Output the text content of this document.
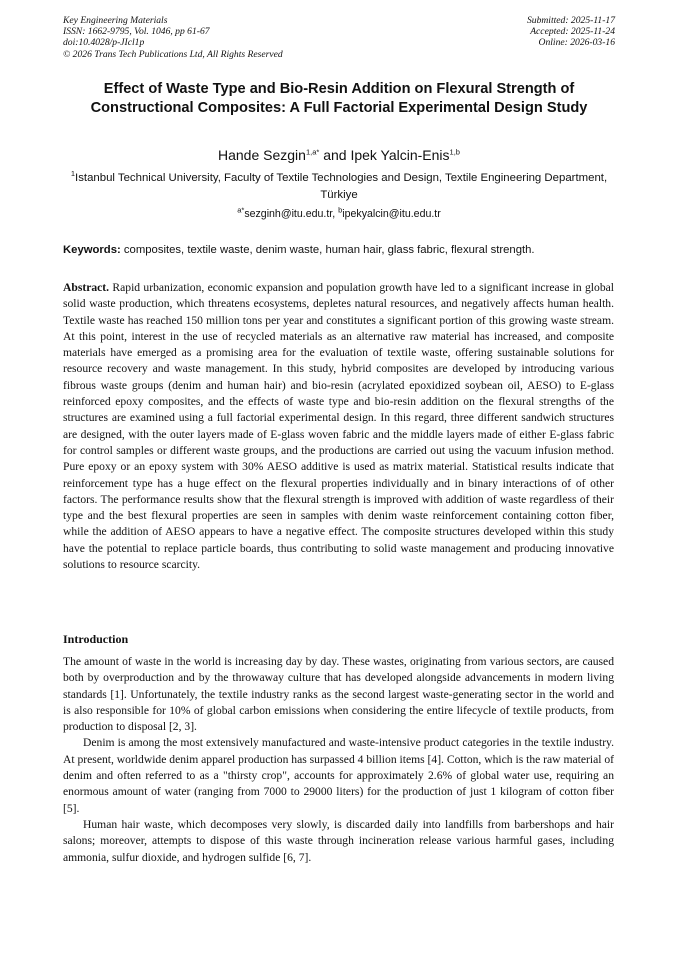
Key Engineering Materials
ISSN: 1662-9795, Vol. 1046, pp 61-67
doi:10.4028/p-JIcl1p
© 2026 Trans Tech Publications Ltd, All Rights Reserved
Submitted: 2025-11-17
Accepted: 2025-11-24
Online: 2026-03-16
Effect of Waste Type and Bio-Resin Addition on Flexural Strength of Constructional Composites: A Full Factorial Experimental Design Study
Hande Sezgin$^{1,a*}$ and Ipek Yalcin-Enis$^{1,b}$
$^1$Istanbul Technical University, Faculty of Textile Technologies and Design, Textile Engineering Department, Türkiye
$^{a*}$sezginh@itu.edu.tr, $^b$ipekyalcin@itu.edu.tr
Keywords: composites, textile waste, denim waste, human hair, glass fabric, flexural strength.
Abstract. Rapid urbanization, economic expansion and population growth have led to a significant increase in global solid waste production, which threatens ecosystems, depletes natural resources, and negatively affects human health. Textile waste has reached 150 million tons per year and constitutes a significant portion of this growing waste stream. At this point, interest in the use of recycled materials as an alternative raw material has increased, and composite materials have emerged as a promising area for the evaluation of textile waste, offering sustainable solutions for resource recovery and waste management. In this study, hybrid composites are developed by introducing various fibrous waste groups (denim and human hair) and bio-resin (acrylated epoxidized soybean oil, AESO) to E-glass reinforced epoxy composites, and the effects of waste type and bio-resin addition on the flexural strengths of the structures are examined using a full factorial experimental design. In this regard, three different sandwich structures are designed, with the outer layers made of E-glass woven fabric and the middle layers made of either E-glass fabric for control samples or different waste groups, and the productions are carried out using the vacuum infusion method. Pure epoxy or an epoxy system with 30% AESO additive is used as matrix material. Statistical results indicate that reinforcement type has a huge effect on the flexural properties individually and in binary interactions of of other factors. The performance results show that the flexural strength is improved with addition of waste regardless of their type and the best flexural properties are seen in samples with denim waste reinforcement containing cotton fiber, while the addition of AESO appears to have a negative effect. The composite structures developed within this study have the potential to replace particle boards, thus contributing to solid waste management and producing innovative solutions to resource scarcity.
Introduction

The amount of waste in the world is increasing day by day. These wastes, originating from various sectors, are caused both by overproduction and by the throwaway culture that has developed alongside advancements in modern living standards [1]. Unfortunately, the textile industry ranks as the second largest waste-generating sector in the world and is also responsible for 10% of global carbon emissions when considering the entire lifecycle of textile products, from production to disposal [2, 3].

Denim is among the most extensively manufactured and waste-intensive product categories in the textile industry. At present, worldwide denim apparel production has surpassed 4 billion items [4]. Cotton, which is the raw material of denim and often referred to as a "thirsty crop", accounts for approximately 2.6% of global water use, requiring an enormous amount of water (ranging from 7000 to 29000 liters) for the production of just 1 kilogram of cotton fiber [5].

Human hair waste, which decomposes very slowly, is discarded daily into landfills from barbershops and hair salons; moreover, attempts to dispose of this waste through incineration release various harmful gases, including ammonia, sulfur dioxide, and hydrogen sulfide [6, 7].
